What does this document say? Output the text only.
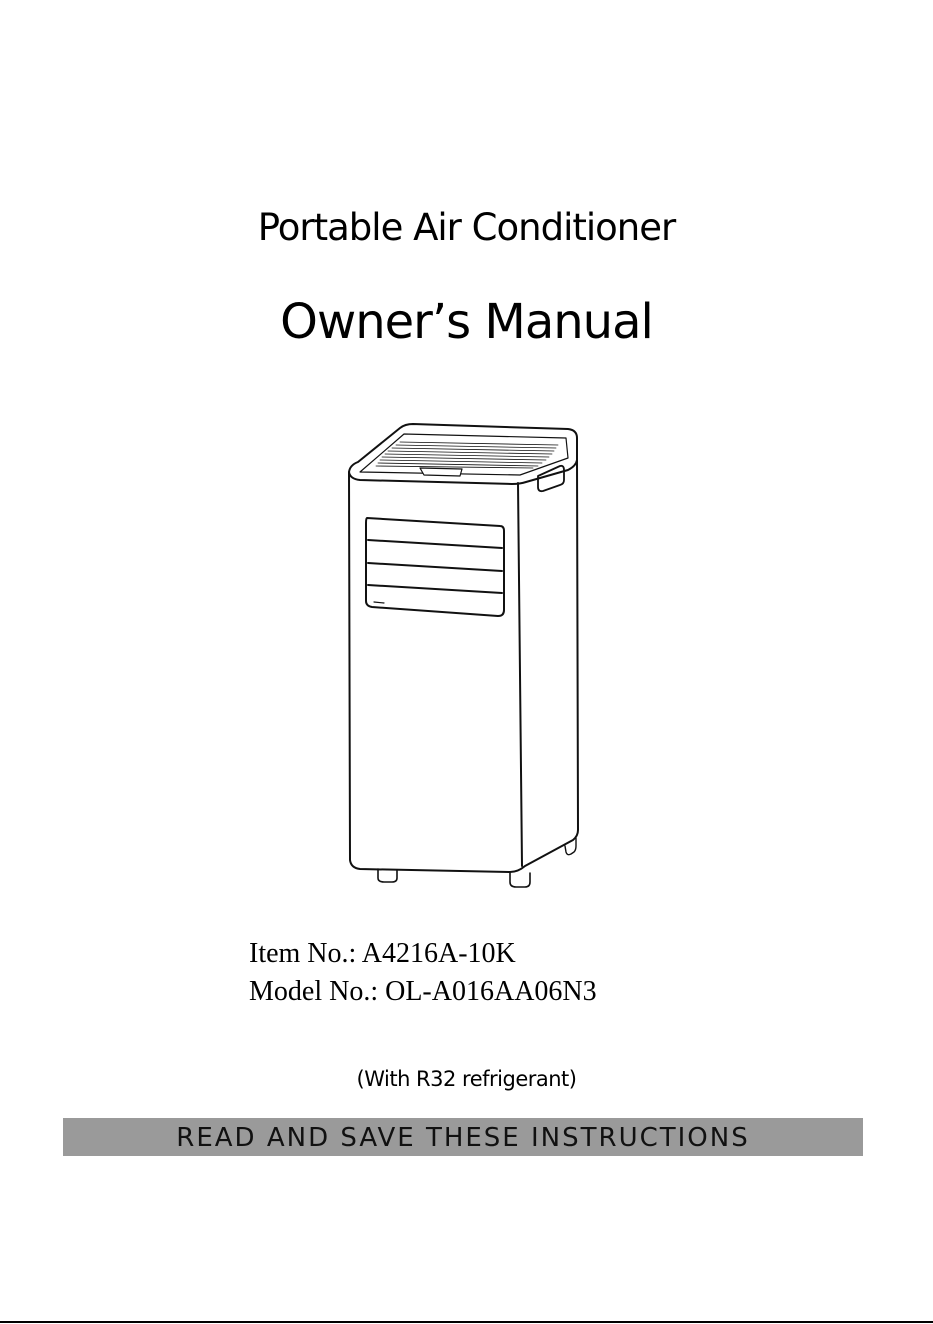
Portable Air Conditioner
Owner’s Manual
Item No.: A4216A-10K
Model No.: OL-A016AA06N3
(With R32 refrigerant)
READ AND SAVE THESE INSTRUCTIONS
